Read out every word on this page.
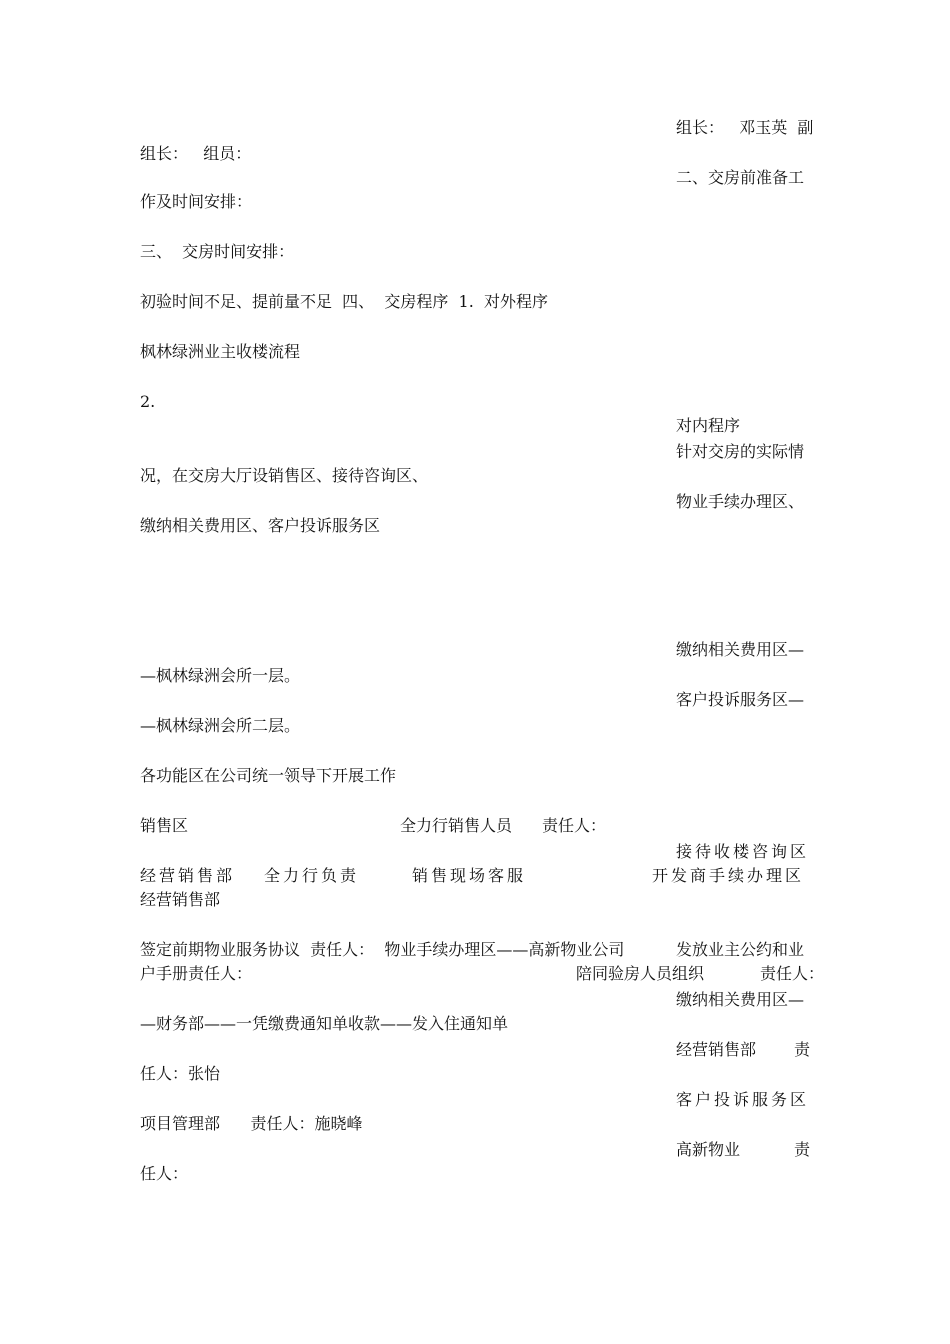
组长：   邓玉英  副

组长：   组员：

二、交房前准备工

作及时间安排：

三、  交房时间安排：

初验时间不足、提前量不足  四、  交房程序  1.  对外程序

枫林绿洲业主收楼流程

2.

对内程序

针对交房的实际情

况，在交房大厅设销售区、接待咨询区、

物业手续办理区、

缴纳相关费用区、客户投诉服务区

缴纳相关费用区—

—枫林绿洲会所一层。

客户投诉服务区—

—枫林绿洲会所二层。

各功能区在公司统一领导下开展工作

销售区	全力行销售人员 责任人：

接待收楼咨询区

经营销售部 全力行负责	销售现场客服	开发商手续办理区

经营销售部

签定前期物业服务协议  责任人：  物业手续办理区——高新物业公司	发放业主公约和业

户手册责任人：	陪同验房人员组织	责任人：

缴纳相关费用区—

—财务部——一凭缴费通知单收款——发入住通知单

经营销售部 责

任人：张怡

客户投诉服务区

项目管理部      责任人：施晓峰

高新物业	责

任人：
